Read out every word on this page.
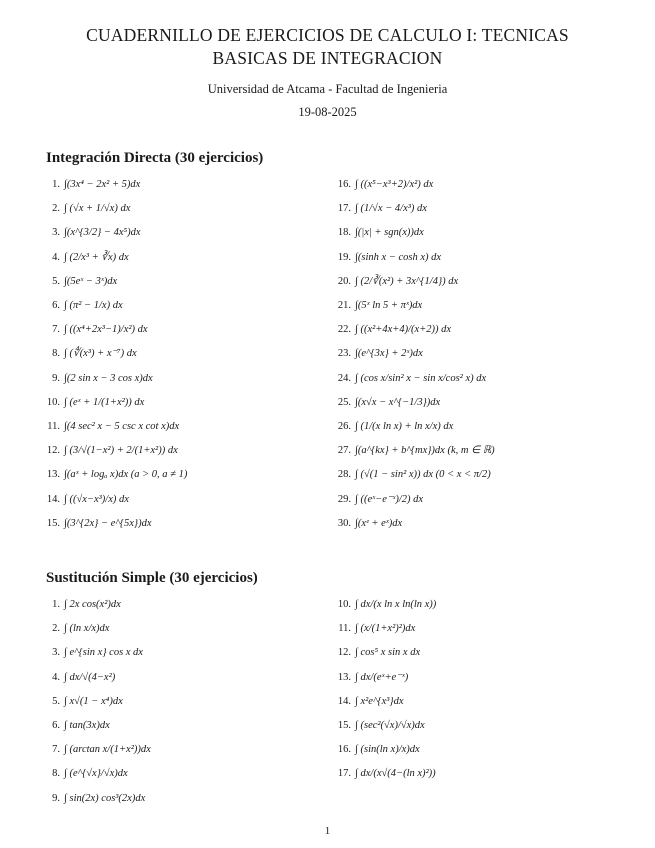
CUADERNILLO DE EJERCICIOS DE CALCULO I: TECNICAS
BASICAS DE INTEGRACION
Universidad de Atcama - Facultad de Ingenieria
19-08-2025
Integración Directa (30 ejercicios)
1. ∫(3x⁴ − 2x² + 5)dx
2. ∫ (√x + 1/√x) dx
3. ∫(x^{3/2} − 4x⁵)dx
4. ∫ (2/x³ + ∛x) dx
5. ∫(5eˣ − 3ˣ)dx
6. ∫ (π² − 1/x) dx
7. ∫ ((x⁴+2x³−1)/x²) dx
8. ∫ (∜(x³) + x⁻⁷) dx
9. ∫(2 sin x − 3 cos x)dx
10. ∫ (eˣ + 1/(1+x²)) dx
11. ∫(4 sec² x − 5 csc x cot x)dx
12. ∫ (3/√(1−x²) + 2/(1+x²)) dx
13. ∫(aˣ + logₐ x)dx (a > 0, a ≠ 1)
14. ∫ ((√x−x³)/x) dx
15. ∫(3^{2x} − e^{5x})dx
16. ∫ ((x⁵−x³+2)/x²) dx
17. ∫ (1/√x − 4/x³) dx
18. ∫(|x| + sgn(x))dx
19. ∫(sinh x − cosh x) dx
20. ∫ (2/∛(x²) + 3x^{1/4}) dx
21. ∫(5ˣ ln 5 + πˣ)dx
22. ∫ ((x²+4x+4)/(x+2)) dx
23. ∫(e^{3x} + 2ˣ)dx
24. ∫ (cos x/sin² x − sin x/cos² x) dx
25. ∫(x√x − x^{−1/3})dx
26. ∫ (1/(x ln x) + ln x/x) dx
27. ∫(a^{kx} + b^{mx})dx (k, m ∈ ℝ)
28. ∫ (√(1 − sin² x)) dx (0 < x < π/2)
29. ∫ ((eˣ−e⁻ˣ)/2) dx
30. ∫(xᵉ + eˣ)dx
Sustitución Simple (30 ejercicios)
1. ∫ 2x cos(x²)dx
2. ∫ (ln x/x)dx
3. ∫ e^{sin x} cos x dx
4. ∫ dx/√(4−x²)
5. ∫ x√(1 − x⁴)dx
6. ∫ tan(3x)dx
7. ∫ (arctan x/(1+x²))dx
8. ∫ (e^{√x}/√x)dx
9. ∫ sin(2x) cos³(2x)dx
10. ∫ dx/(x ln x ln(ln x))
11. ∫ (x/(1+x²)²)dx
12. ∫ cos⁵ x sin x dx
13. ∫ dx/(eˣ+e⁻ˣ)
14. ∫ x²e^{x³}dx
15. ∫ (sec²(√x)/√x)dx
16. ∫ (sin(ln x)/x)dx
17. ∫ dx/(x√(4−(ln x)²))
1
